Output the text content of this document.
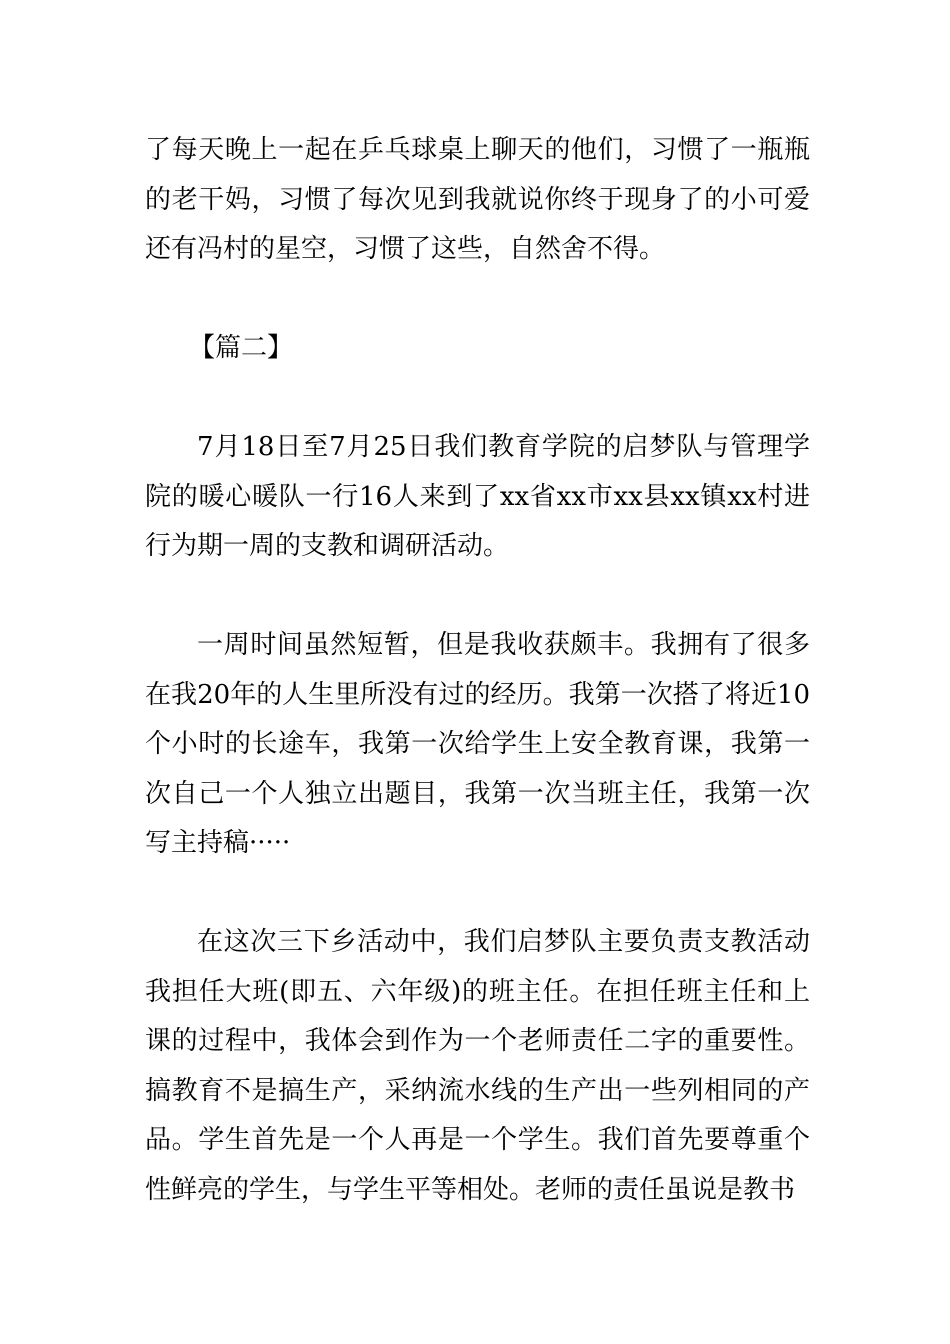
了每天晚上一起在乒乓球桌上聊天的他们，习惯了一瓶瓶的老干妈，习惯了每次见到我就说你终于现身了的小可爱还有冯村的星空，习惯了这些，自然舍不得。

【篇二】

7月18日至7月25日我们教育学院的启梦队与管理学院的暖心暖队一行16人来到了xx省xx市xx县xx镇xx村进行为期一周的支教和调研活动。

一周时间虽然短暂，但是我收获颇丰。我拥有了很多在我20年的人生里所没有过的经历。我第一次搭了将近10个小时的长途车，我第一次给学生上安全教育课，我第一次自己一个人独立出题目，我第一次当班主任，我第一次写主持稿·····

在这次三下乡活动中，我们启梦队主要负责支教活动我担任大班(即五、六年级)的班主任。在担任班主任和上课的过程中，我体会到作为一个老师责任二字的重要性。搞教育不是搞生产，采纳流水线的生产出一些列相同的产品。学生首先是一个人再是一个学生。我们首先要尊重个性鲜亮的学生，与学生平等相处。老师的责任虽说是教书
